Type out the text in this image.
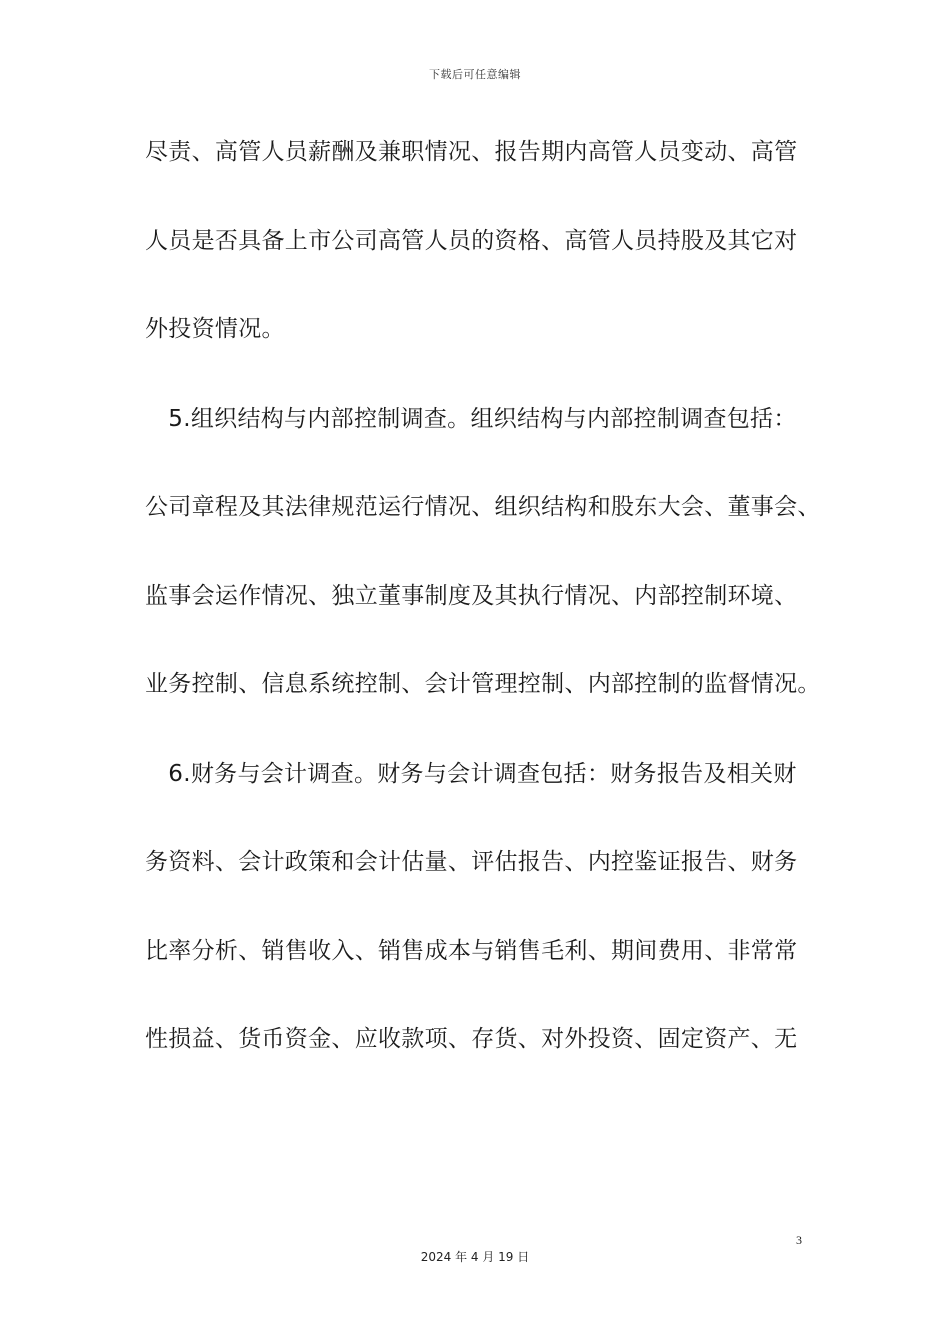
下载后可任意编辑
尽责、高管人员薪酬及兼职情况、报告期内高管人员变动、高管
人员是否具备上市公司高管人员的资格、高管人员持股及其它对
外投资情况。
　5.组织结构与内部控制调查。组织结构与内部控制调查包括：
公司章程及其法律规范运行情况、组织结构和股东大会、董事会、
监事会运作情况、独立董事制度及其执行情况、内部控制环境、
业务控制、信息系统控制、会计管理控制、内部控制的监督情况。
　6.财务与会计调查。财务与会计调查包括：财务报告及相关财
务资料、会计政策和会计估量、评估报告、内控鉴证报告、财务
比率分析、销售收入、销售成本与销售毛利、期间费用、非常常
性损益、货币资金、应收款项、存货、对外投资、固定资产、无
3
2024 年 4 月 19 日
